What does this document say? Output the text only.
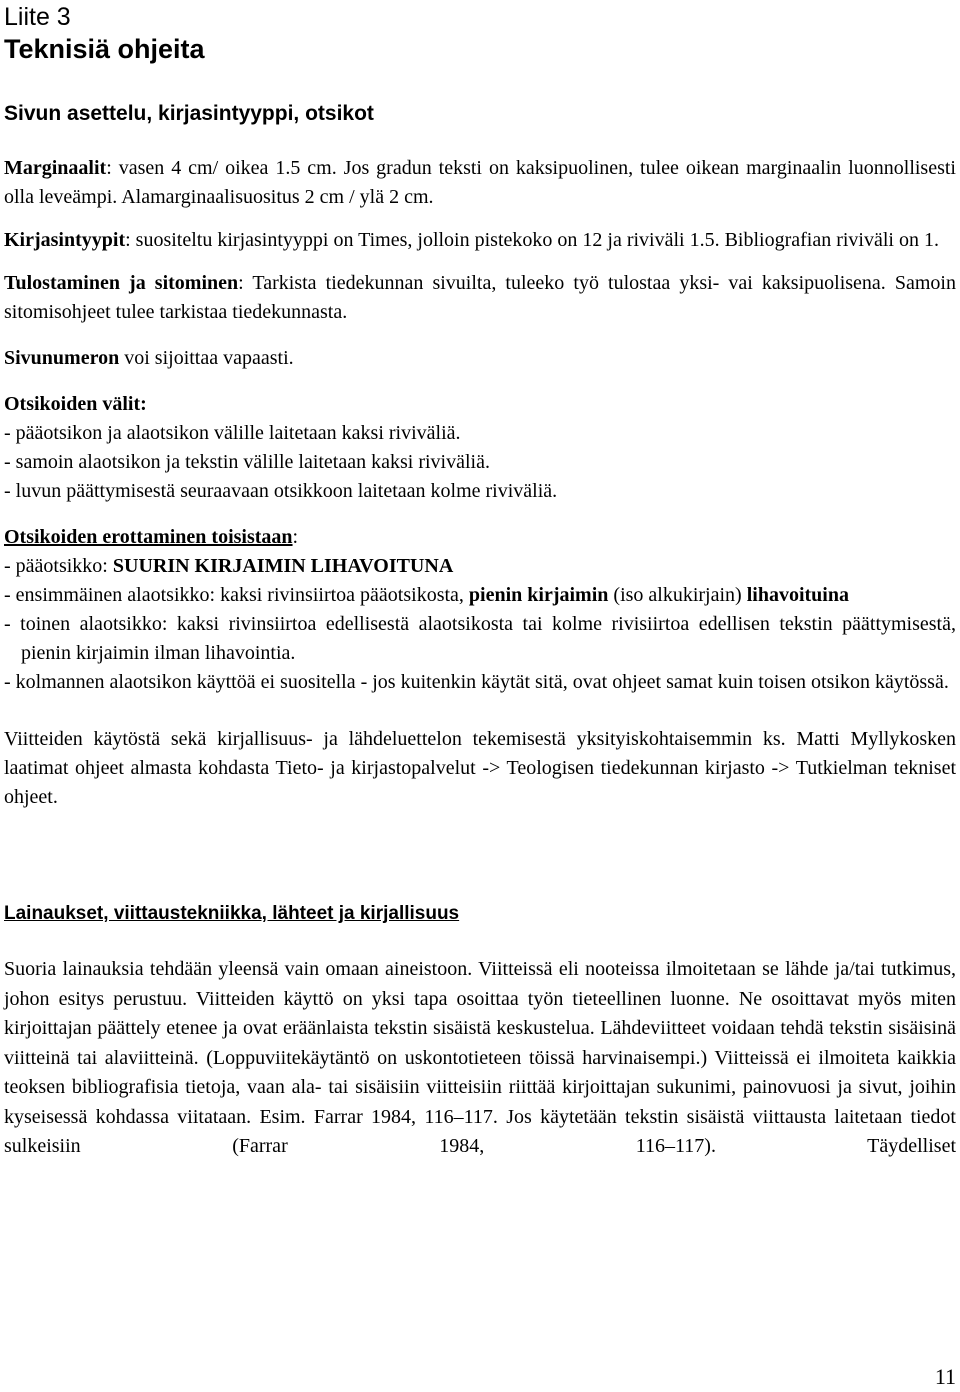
Liite 3
Teknisiä ohjeita
Sivun asettelu, kirjasintyyppi, otsikot

Marginaalit: vasen 4 cm/ oikea 1.5 cm. Jos gradun teksti on kaksipuolinen, tulee oikean marginaalin luonnollisesti olla leveämpi. Alamarginaalisuositus 2 cm / ylä 2 cm.

Kirjasintyypit: suositeltu kirjasintyyppi on Times, jolloin pistekoko on 12 ja riviväli 1.5. Bibliografian riviväli on 1.

Tulostaminen ja sitominen: Tarkista tiedekunnan sivuilta, tuleeko työ tulostaa yksi- vai kaksipuolisena. Samoin sitomisohjeet tulee tarkistaa tiedekunnasta.

Sivunumeron voi sijoittaa vapaasti.

Otsikoiden välit:
- pääotsikon ja alaotsikon välille laitetaan kaksi riviväliä.
- samoin alaotsikon ja tekstin välille laitetaan kaksi riviväliä.
- luvun päättymisestä seuraavaan otsikkoon laitetaan kolme riviväliä.
Otsikoiden erottaminen toisistaan:
- pääotsikko: SUURIN KIRJAIMIN LIHAVOITUNA
- ensimmäinen alaotsikko: kaksi rivinsiirtoa pääotsikosta, pienin kirjaimin (iso alkukirjain) lihavoituina
- toinen alaotsikko: kaksi rivinsiirtoa edellisestä alaotsikosta tai kolme rivisiirtoa edellisen tekstin päättymisestä, pienin kirjaimin ilman lihavointia.
- kolmannen alaotsikon käyttöä ei suositella - jos kuitenkin käytät sitä, ovat ohjeet samat kuin toisen otsikon käytössä.

Viitteiden käytöstä sekä kirjallisuus- ja lähdeluettelon tekemisestä yksityiskohtaisemmin ks. Matti Myllykosken laatimat ohjeet almasta kohdasta Tieto- ja kirjastopalvelut -> Teologisen tiedekunnan kirjasto -> Tutkielman tekniset ohjeet.

Lainaukset, viittaustekniikka, lähteet ja kirjallisuus

Suoria lainauksia tehdään yleensä vain omaan aineistoon. Viitteissä eli nooteissa ilmoitetaan se lähde ja/tai tutkimus, johon esitys perustuu. Viitteiden käyttö on yksi tapa osoittaa työn tieteellinen luonne. Ne osoittavat myös miten kirjoittajan päättely etenee ja ovat eräänlaista tekstin sisäistä keskustelua. Lähdeviitteet voidaan tehdä tekstin sisäisinä viitteinä tai alaviitteinä. (Loppuviitekäytäntö on uskontotieteen töissä harvinaisempi.) Viitteissä ei ilmoiteta kaikkia teoksen bibliografisia tietoja, vaan ala- tai sisäisiin viitteisiin riittää kirjoittajan sukunimi, painovuosi ja sivut, joihin kyseisessä kohdassa viitataan. Esim. Farrar 1984, 116–117. Jos käytetään tekstin sisäistä viittausta laitetaan tiedot sulkeisiin (Farrar 1984, 116–117). Täydelliset

11
